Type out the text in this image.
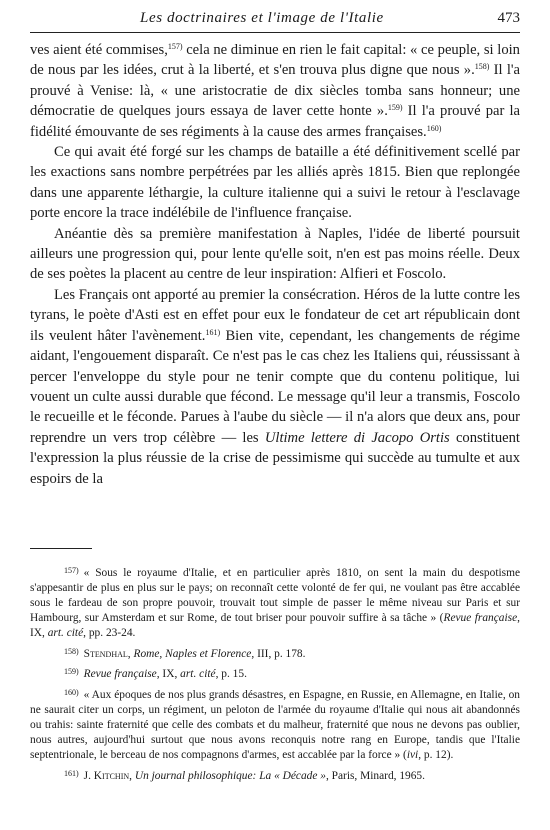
Les doctrinaires et l'image de l'Italie	473

ves aient été commises,$^{157)}$ cela ne diminue en rien le fait capital: « ce peuple, si loin de nous par les idées, crut à la liberté, et s'en trouva plus digne que nous ».$^{158)}$ Il l'a prouvé à Venise: là, « une aristocratie de dix siècles tomba sans honneur; une démocratie de quelques jours essaya de laver cette honte ».$^{159)}$ Il l'a prouvé par la fidélité émouvante de ses régiments à la cause des armes françaises.$^{160)}$

Ce qui avait été forgé sur les champs de bataille a été définitivement scellé par les exactions sans nombre perpétrées par les alliés après 1815. Bien que replongée dans une apparente léthargie, la culture italienne qui a suivi le retour à l'esclavage porte encore la trace indélébile de l'influence française.

Anéantie dès sa première manifestation à Naples, l'idée de liberté poursuit ailleurs une progression qui, pour lente qu'elle soit, n'en est pas moins réelle. Deux de ses poètes la placent au centre de leur inspiration: Alfieri et Foscolo.

Les Français ont apporté au premier la consécration. Héros de la lutte contre les tyrans, le poète d'Asti est en effet pour eux le fondateur de cet art républicain dont ils veulent hâter l'avènement.$^{161)}$ Bien vite, cependant, les changements de régime aidant, l'engouement disparaît. Ce n'est pas le cas chez les Italiens qui, réussissant à percer l'enveloppe du style pour ne tenir compte que du contenu politique, lui vouent un culte aussi durable que fécond. Le message qu'il leur a transmis, Foscolo le recueille et le féconde. Parues à l'aube du siècle — il n'a alors que deux ans, pour reprendre un vers trop célèbre — les Ultime lettere di Jacopo Ortis constituent l'expression la plus réussie de la crise de pessimisme qui succède au tumulte et aux espoirs de la

$^{157)}$ « Sous le royaume d'Italie, et en particulier après 1810, on sent la main du despotisme s'appesantir de plus en plus sur le pays; on reconnaît cette volonté de fer qui, ne voulant pas être accablée sous le fardeau de son propre pouvoir, trouvait tout simple de passer le même niveau sur Paris et sur Hambourg, sur Amsterdam et sur Rome, de tout briser pour pouvoir suffire à sa tâche » (Revue française, IX, art. cité, pp. 23-24.

$^{158)}$ Stendhal, Rome, Naples et Florence, III, p. 178.

$^{159)}$ Revue française, IX, art. cité, p. 15.

$^{160)}$ « Aux époques de nos plus grands désastres, en Espagne, en Russie, en Allemagne, en Italie, on ne saurait citer un corps, un régiment, un peloton de l'armée du royaume d'Italie qui nous ait abandonnés ou trahis: sainte fraternité que celle des combats et du malheur, fraternité que nous ne devons pas oublier, nous autres, aujourd'hui surtout que nous avons reconquis notre rang en Europe, tandis que l'Italie septentrionale, le berceau de nos compagnons d'armes, est accablée par la force » (ivi, p. 12).

$^{161)}$ J. Kitchin, Un journal philosophique: La « Décade », Paris, Minard, 1965.
